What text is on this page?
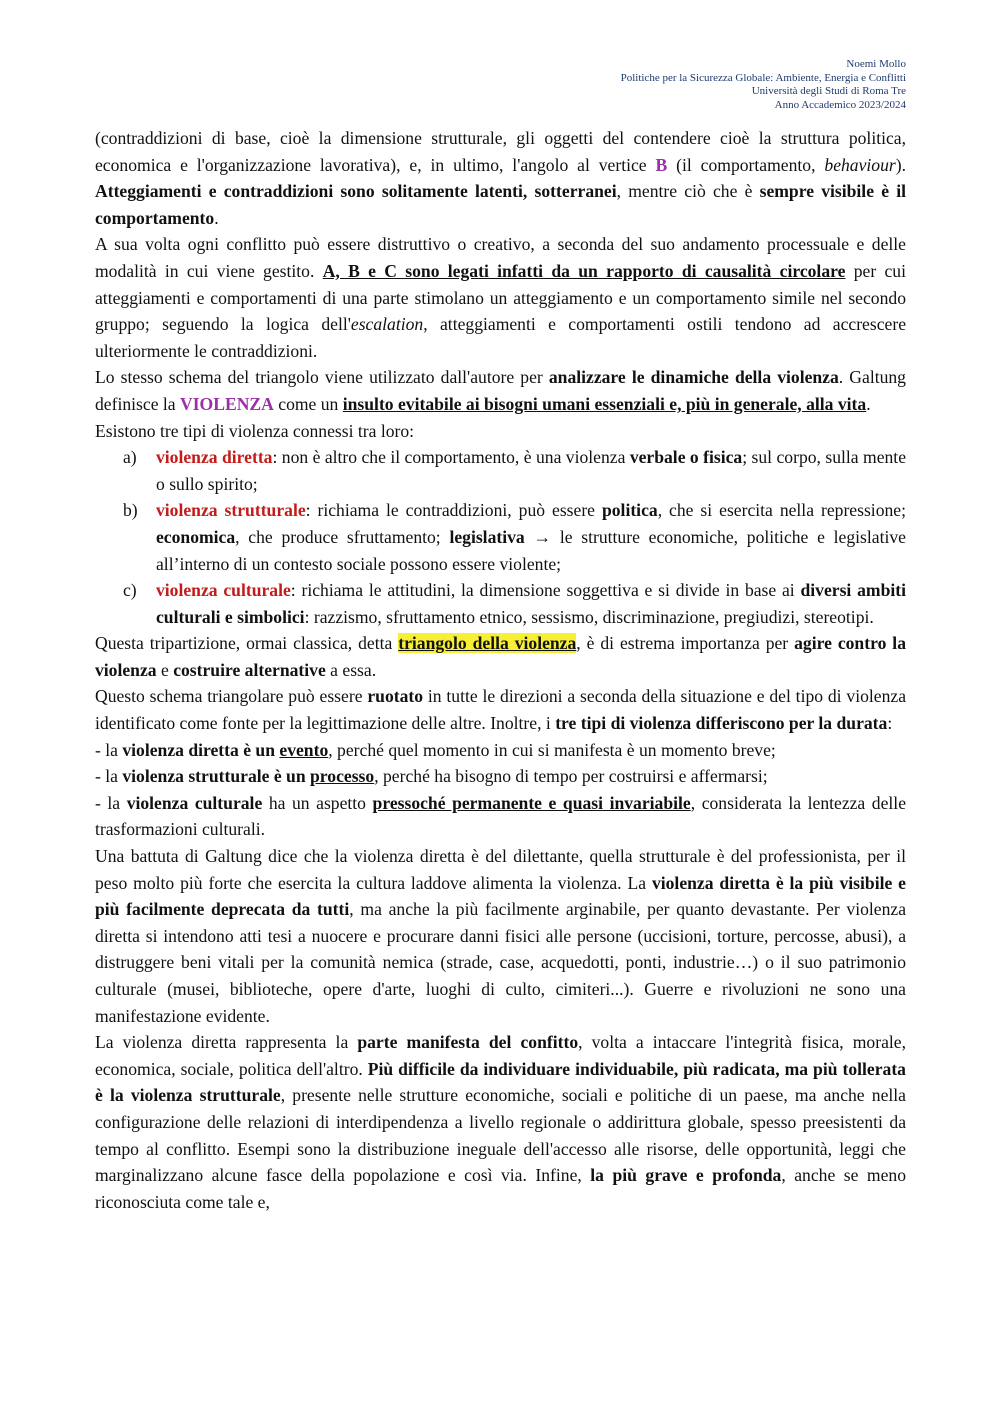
Noemi Mollo
Politiche per la Sicurezza Globale: Ambiente, Energia e Conflitti
Università degli Studi di Roma Tre
Anno Accademico 2023/2024

(contraddizioni di base, cioè la dimensione strutturale, gli oggetti del contendere cioè la struttura politica, economica e l'organizzazione lavorativa), e, in ultimo, l'angolo al vertice B (il comportamento, behaviour). Atteggiamenti e contraddizioni sono solitamente latenti, sotterranei, mentre ciò che è sempre visibile è il comportamento.

A sua volta ogni conflitto può essere distruttivo o creativo, a seconda del suo andamento processuale e delle modalità in cui viene gestito. A, B e C sono legati infatti da un rapporto di causalità circolare per cui atteggiamenti e comportamenti di una parte stimolano un atteggiamento e un comportamento simile nel secondo gruppo; seguendo la logica dell'escalation, atteggiamenti e comportamenti ostili tendono ad accrescere ulteriormente le contraddizioni.

Lo stesso schema del triangolo viene utilizzato dall'autore per analizzare le dinamiche della violenza. Galtung definisce la VIOLENZA come un insulto evitabile ai bisogni umani essenziali e, più in generale, alla vita.

Esistono tre tipi di violenza connessi tra loro:

a) violenza diretta: non è altro che il comportamento, è una violenza verbale o fisica; sul corpo, sulla mente o sullo spirito;
b) violenza strutturale: richiama le contraddizioni, può essere politica, che si esercita nella repressione; economica, che produce sfruttamento; legislativa → le strutture economiche, politiche e legislative all’interno di un contesto sociale possono essere violente;
c) violenza culturale: richiama le attitudini, la dimensione soggettiva e si divide in base ai diversi ambiti culturali e simbolici: razzismo, sfruttamento etnico, sessismo, discriminazione, pregiudizi, stereotipi.

Questa tripartizione, ormai classica, detta triangolo della violenza, è di estrema importanza per agire contro la violenza e costruire alternative a essa.

Questo schema triangolare può essere ruotato in tutte le direzioni a seconda della situazione e del tipo di violenza identificato come fonte per la legittimazione delle altre. Inoltre, i tre tipi di violenza differiscono per la durata:

- la violenza diretta è un evento, perché quel momento in cui si manifesta è un momento breve;

- la violenza strutturale è un processo, perché ha bisogno di tempo per costruirsi e affermarsi;

- la violenza culturale ha un aspetto pressoché permanente e quasi invariabile, considerata la lentezza delle trasformazioni culturali.

Una battuta di Galtung dice che la violenza diretta è del dilettante, quella strutturale è del professionista, per il peso molto più forte che esercita la cultura laddove alimenta la violenza. La violenza diretta è la più visibile e più facilmente deprecata da tutti, ma anche la più facilmente arginabile, per quanto devastante. Per violenza diretta si intendono atti tesi a nuocere e procurare danni fisici alle persone (uccisioni, torture, percosse, abusi), a distruggere beni vitali per la comunità nemica (strade, case, acquedotti, ponti, industrie…) o il suo patrimonio culturale (musei, biblioteche, opere d'arte, luoghi di culto, cimiteri...). Guerre e rivoluzioni ne sono una manifestazione evidente.

La violenza diretta rappresenta la parte manifesta del confitto, volta a intaccare l'integrità fisica, morale, economica, sociale, politica dell'altro. Più difficile da individuare individuabile, più radicata, ma più tollerata è la violenza strutturale, presente nelle strutture economiche, sociali e politiche di un paese, ma anche nella configurazione delle relazioni di interdipendenza a livello regionale o addirittura globale, spesso preesistenti da tempo al conflitto. Esempi sono la distribuzione ineguale dell'accesso alle risorse, delle opportunità, leggi che marginalizzano alcune fasce della popolazione e così via. Infine, la più grave e profonda, anche se meno riconosciuta come tale e,
